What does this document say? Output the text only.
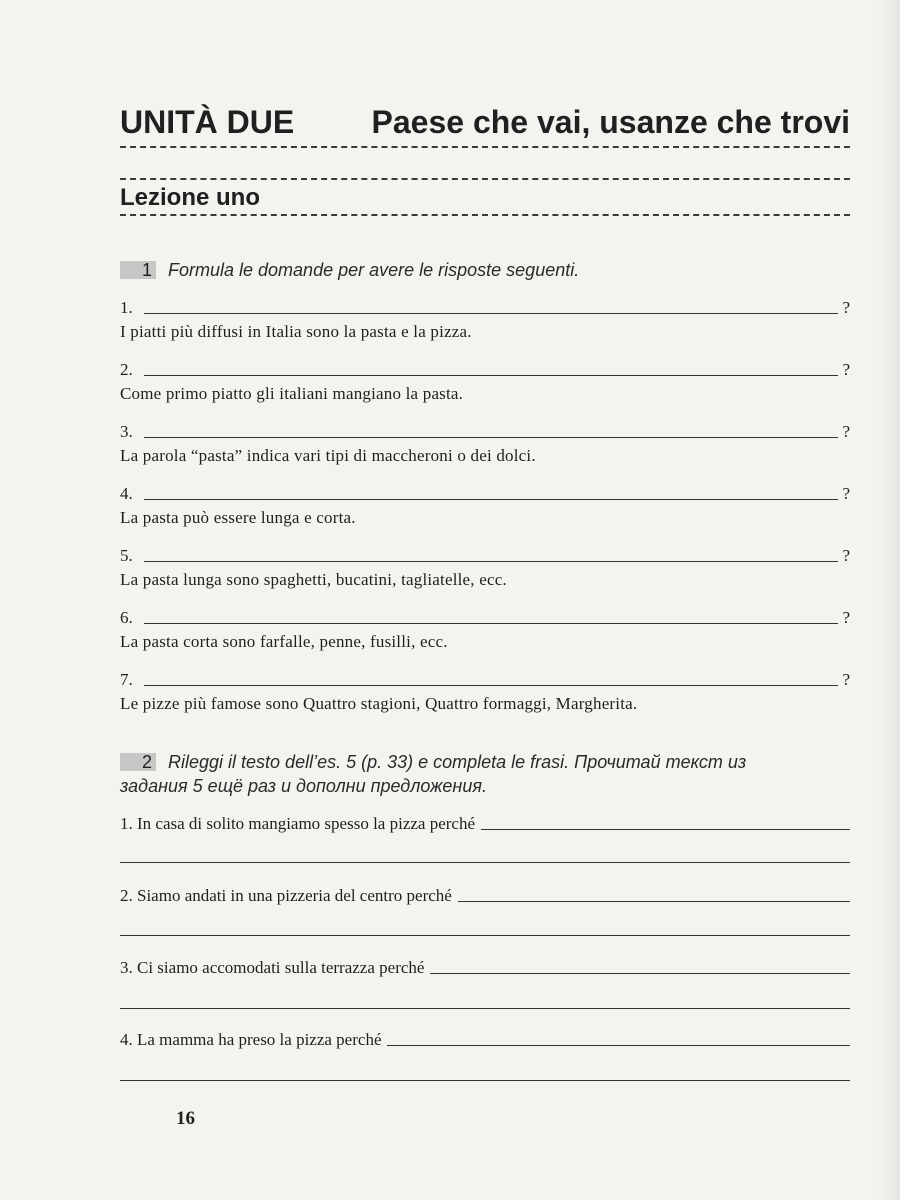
UNITÀ DUE Paese che vai, usanze che trovi
Lezione uno
1 Formula le domande per avere le risposte seguenti.
1.	?
I piatti più diffusi in Italia sono la pasta e la pizza.
2.	?
Come primo piatto gli italiani mangiano la pasta.
3.	?
La parola “pasta” indica vari tipi di maccheroni o dei dolci.
4.	?
La pasta può essere lunga e corta.
5.	?
La pasta lunga sono spaghetti, bucatini, tagliatelle, ecc.
6.	?
La pasta corta sono farfalle, penne, fusilli, ecc.
7.	?
Le pizze più famose sono Quattro stagioni, Quattro formaggi, Margherita.
2 Rileggi il testo dell’es. 5 (p. 33) e completa le frasi. Прочитай текст из
задания 5 ещё раз и дополни предложения.
1. In casa di solito mangiamo spesso la pizza perché
2. Siamo andati in una pizzeria del centro perché
3. Ci siamo accomodati sulla terrazza perché
4. La mamma ha preso la pizza perché
16
